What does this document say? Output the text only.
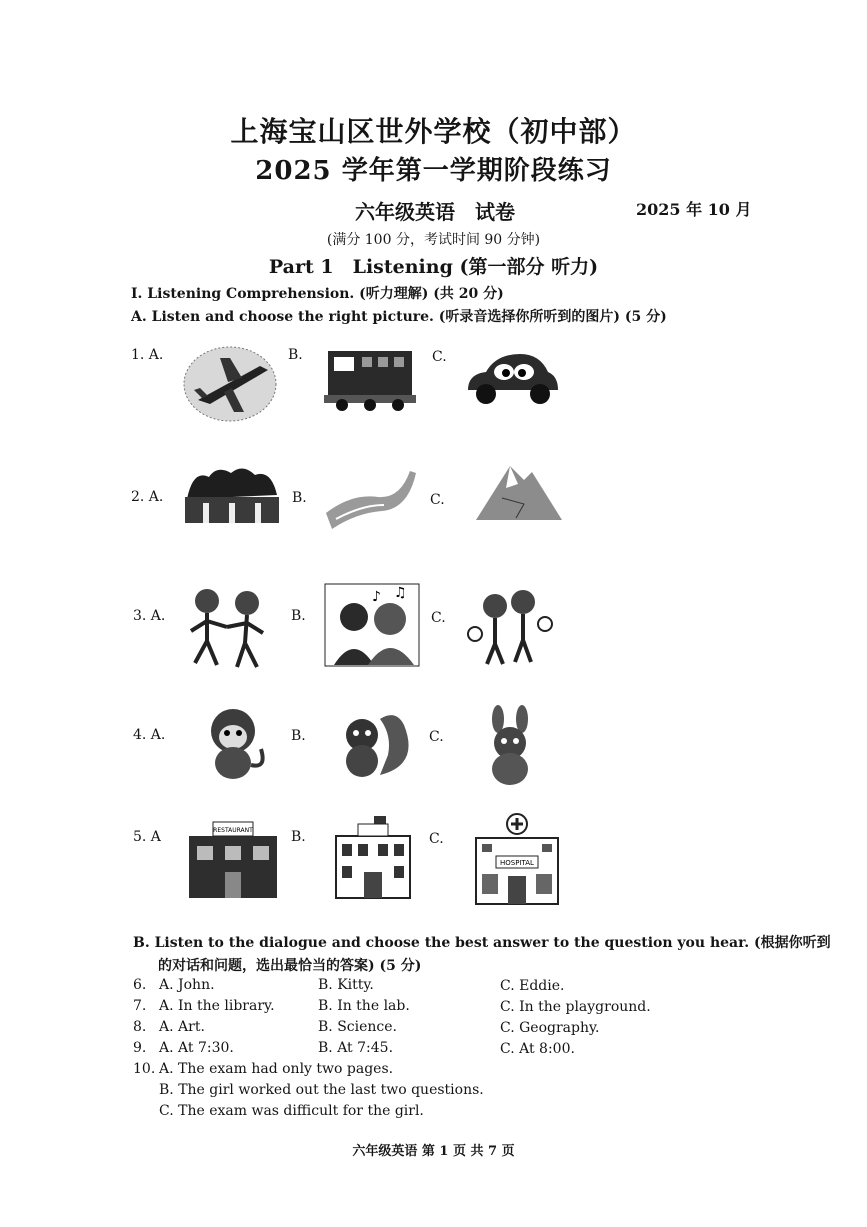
上海宝山区世外学校（初中部）
2025 学年第一学期阶段练习
六年级英语　试卷	2025 年 10 月
(满分 100 分，考试时间 90 分钟)
Part 1　Listening (第一部分 听力)
I. Listening Comprehension. (听力理解) (共 20 分)
A. Listen and choose the right picture. (听录音选择你所听到的图片) (5 分)
1. A.	B.	C.
2. A.	B.	C.
3. A.	B.	C.
♪ ♫
4. A.	B.	C.
5. A	B.	C.
RESTAURANT
HOSPITAL
B. Listen to the dialogue and choose the best answer to the question you hear. (根据你听到
的对话和问题，选出最恰当的答案) (5 分)
6. A. John.	B. Kitty.	C. Eddie.
7. A. In the library.	B. In the lab.	C. In the playground.
8. A. Art.	B. Science.	C. Geography.
9. A. At 7:30.	B. At 7:45.	C. At 8:00.
10. A. The exam had only two pages.
B. The girl worked out the last two questions.
C. The exam was difficult for the girl.
六年级英语 第 1 页 共 7 页
